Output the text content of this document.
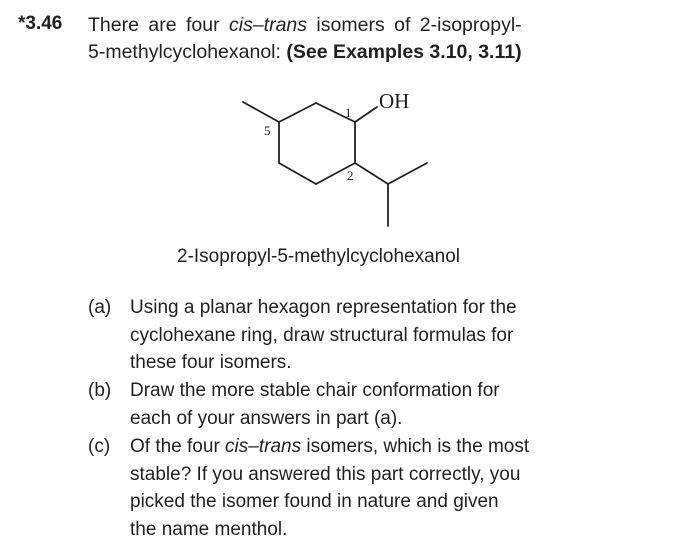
*3.46 There are four cis–trans isomers of 2-isopropyl-
5-methylcyclohexanol: (See Examples 3.10, 3.11)
OH
1
2
5
2-Isopropyl-5-methylcyclohexanol
(a) Using a planar hexagon representation for the
cyclohexane ring, draw structural formulas for
these four isomers.
(b) Draw the more stable chair conformation for
each of your answers in part (a).
(c) Of the four cis–trans isomers, which is the most
stable? If you answered this part correctly, you
picked the isomer found in nature and given
the name menthol.
